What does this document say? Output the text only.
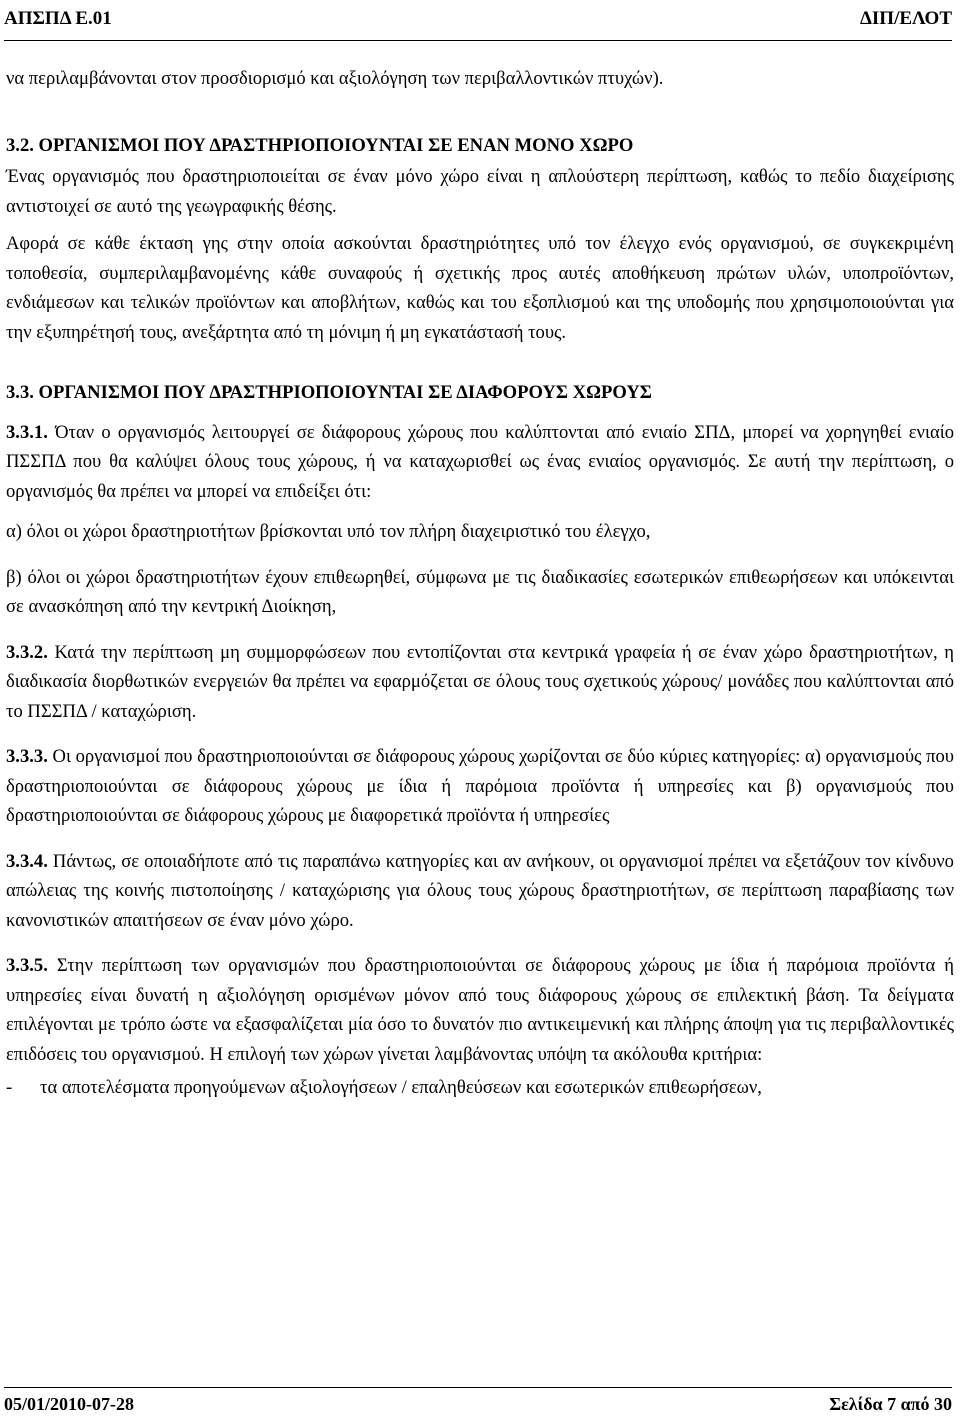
ΑΠΣΠΔ Ε.01	ΔΙΠ/ΕΛΟΤ

να περιλαμβάνονται στον προσδιορισμό και αξιολόγηση των περιβαλλοντικών πτυχών).

3.2. ΟΡΓΑΝΙΣΜΟΙ ΠΟΥ ΔΡΑΣΤΗΡΙΟΠΟΙΟΥΝΤΑΙ ΣΕ ΕΝΑΝ ΜΟΝΟ ΧΩΡΟ

Ένας οργανισμός που δραστηριοποιείται σε έναν μόνο χώρο είναι η απλούστερη περίπτωση, καθώς το πεδίο διαχείρισης αντιστοιχεί σε αυτό της γεωγραφικής θέσης.

Αφορά σε κάθε έκταση γης στην οποία ασκούνται δραστηριότητες υπό τον έλεγχο ενός οργανισμού, σε συγκεκριμένη τοποθεσία, συμπεριλαμβανομένης κάθε συναφούς ή σχετικής προς αυτές αποθήκευση πρώτων υλών, υποπροϊόντων, ενδιάμεσων και τελικών προϊόντων και αποβλήτων, καθώς και του εξοπλισμού και της υποδομής που χρησιμοποιούνται για την εξυπηρέτησή τους, ανεξάρτητα από τη μόνιμη ή μη εγκατάστασή τους.

3.3. ΟΡΓΑΝΙΣΜΟΙ ΠΟΥ ΔΡΑΣΤΗΡΙΟΠΟΙΟΥΝΤΑΙ ΣΕ ΔΙΑΦΟΡΟΥΣ ΧΩΡΟΥΣ

3.3.1. Όταν ο οργανισμός λειτουργεί σε διάφορους χώρους που καλύπτονται από ενιαίο ΣΠΔ, μπορεί να χορηγηθεί ενιαίο ΠΣΣΠΔ που θα καλύψει όλους τους χώρους, ή να καταχωρισθεί ως ένας ενιαίος οργανισμός. Σε αυτή την περίπτωση, ο οργανισμός θα πρέπει να μπορεί να επιδείξει ότι:

α) όλοι οι χώροι δραστηριοτήτων βρίσκονται υπό τον πλήρη διαχειριστικό του έλεγχο,

β) όλοι οι χώροι δραστηριοτήτων έχουν επιθεωρηθεί, σύμφωνα με τις διαδικασίες εσωτερικών επιθεωρήσεων και υπόκεινται σε ανασκόπηση από την κεντρική Διοίκηση,

3.3.2. Κατά την περίπτωση μη συμμορφώσεων που εντοπίζονται στα κεντρικά γραφεία ή σε έναν χώρο δραστηριοτήτων, η διαδικασία διορθωτικών ενεργειών θα πρέπει να εφαρμόζεται σε όλους τους σχετικούς χώρους/ μονάδες που καλύπτονται από το ΠΣΣΠΔ / καταχώριση.

3.3.3. Οι οργανισμοί που δραστηριοποιούνται σε διάφορους χώρους χωρίζονται σε δύο κύριες κατηγορίες: α) οργανισμούς που δραστηριοποιούνται σε διάφορους χώρους με ίδια ή παρόμοια προϊόντα ή υπηρεσίες και β) οργανισμούς που δραστηριοποιούνται σε διάφορους χώρους με διαφορετικά προϊόντα ή υπηρεσίες

3.3.4. Πάντως, σε οποιαδήποτε από τις παραπάνω κατηγορίες και αν ανήκουν, οι οργανισμοί πρέπει να εξετάζουν τον κίνδυνο απώλειας της κοινής πιστοποίησης / καταχώρισης για όλους τους χώρους δραστηριοτήτων, σε περίπτωση παραβίασης των κανονιστικών απαιτήσεων σε έναν μόνο χώρο.

3.3.5. Στην περίπτωση των οργανισμών που δραστηριοποιούνται σε διάφορους χώρους με ίδια ή παρόμοια προϊόντα ή υπηρεσίες είναι δυνατή η αξιολόγηση ορισμένων μόνον από τους διάφορους χώρους σε επιλεκτική βάση. Τα δείγματα επιλέγονται με τρόπο ώστε να εξασφαλίζεται μία όσο το δυνατόν πιο αντικειμενική και πλήρης άποψη για τις περιβαλλοντικές επιδόσεις του οργανισμού. Η επιλογή των χώρων γίνεται λαμβάνοντας υπόψη τα ακόλουθα κριτήρια:

-	τα αποτελέσματα προηγούμενων αξιολογήσεων / επαληθεύσεων και εσωτερικών επιθεωρήσεων,
05/01/2010-07-28	Σελίδα 7 από 30
